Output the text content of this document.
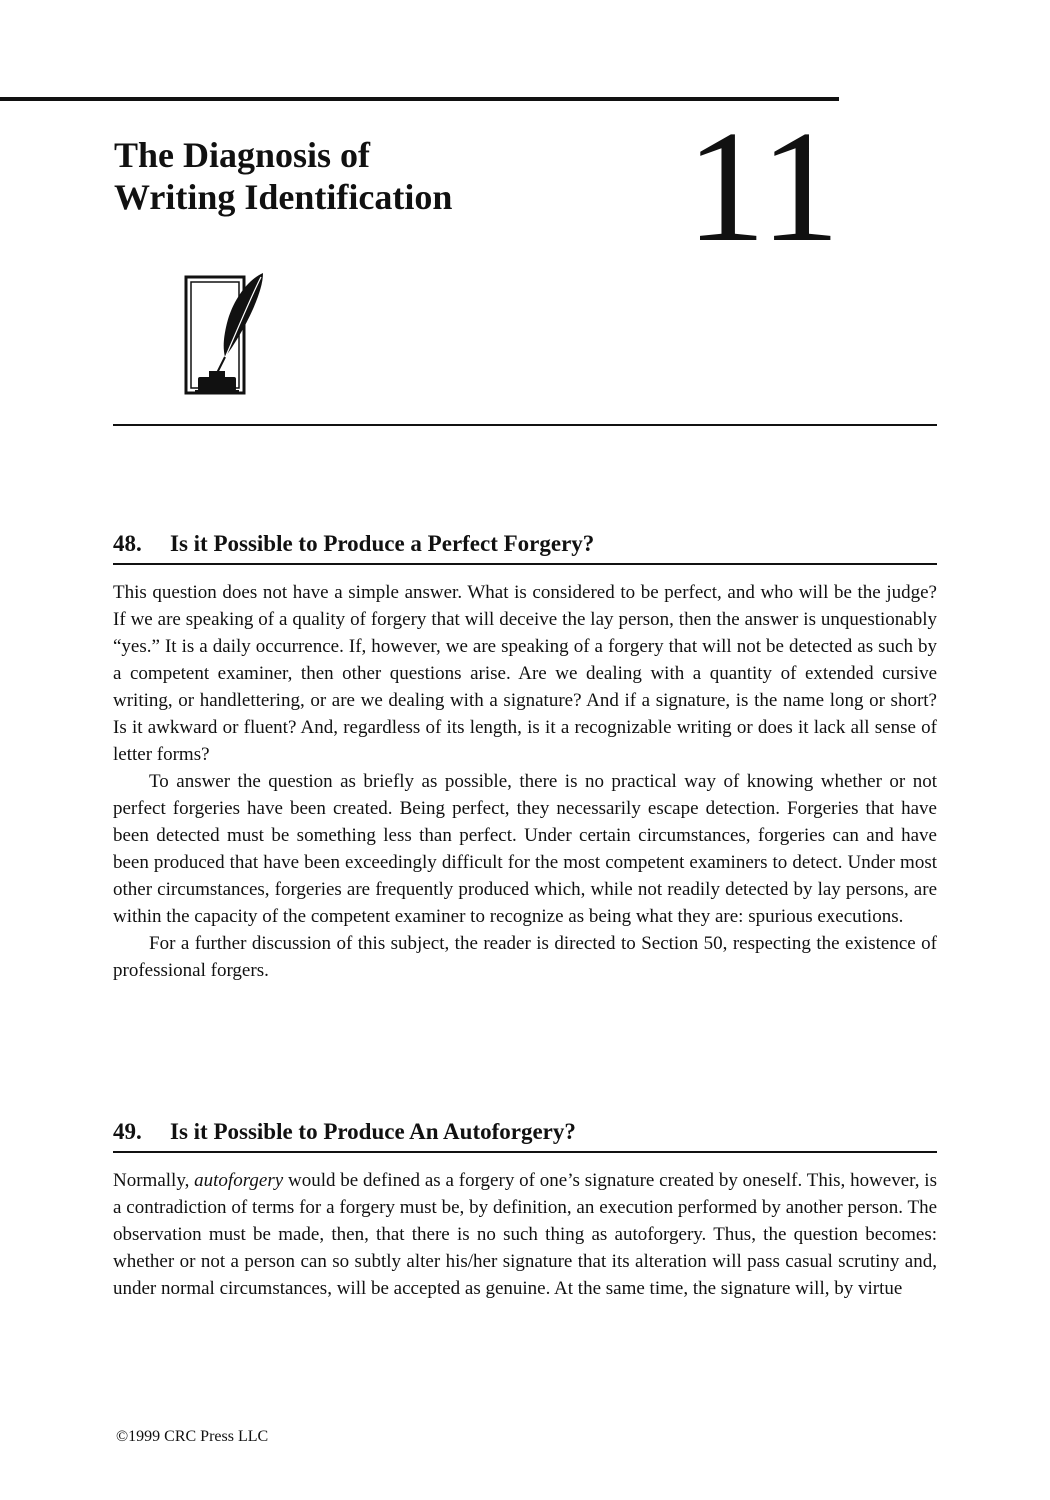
The Diagnosis of
Writing Identification 11
48. Is it Possible to Produce a Perfect Forgery?

This question does not have a simple answer. What is considered to be perfect, and who will be the judge? If we are speaking of a quality of forgery that will deceive the lay person, then the answer is unquestionably “yes.” It is a daily occurrence. If, however, we are speaking of a forgery that will not be detected as such by a competent examiner, then other questions arise. Are we dealing with a quantity of extended cursive writing, or handlettering, or are we dealing with a signature? And if a signature, is the name long or short? Is it awkward or fluent? And, regardless of its length, is it a recognizable writing or does it lack all sense of letter forms?

To answer the question as briefly as possible, there is no practical way of knowing whether or not perfect forgeries have been created. Being perfect, they necessarily escape detection. Forgeries that have been detected must be something less than perfect. Under certain circumstances, forgeries can and have been produced that have been exceedingly difficult for the most competent examiners to detect. Under most other circumstances, forgeries are frequently produced which, while not readily detected by lay persons, are within the capacity of the competent examiner to recognize as being what they are: spurious executions.

For a further discussion of this subject, the reader is directed to Section 50, respecting the existence of professional forgers.

49. Is it Possible to Produce An Autoforgery?

Normally, autoforgery would be defined as a forgery of one’s signature created by oneself. This, however, is a contradiction of terms for a forgery must be, by definition, an execution performed by another person. The observation must be made, then, that there is no such thing as autoforgery. Thus, the question becomes: whether or not a person can so subtly alter his/her signature that its alteration will pass casual scrutiny and, under normal circumstances, will be accepted as genuine. At the same time, the signature will, by virtue

©1999 CRC Press LLC
